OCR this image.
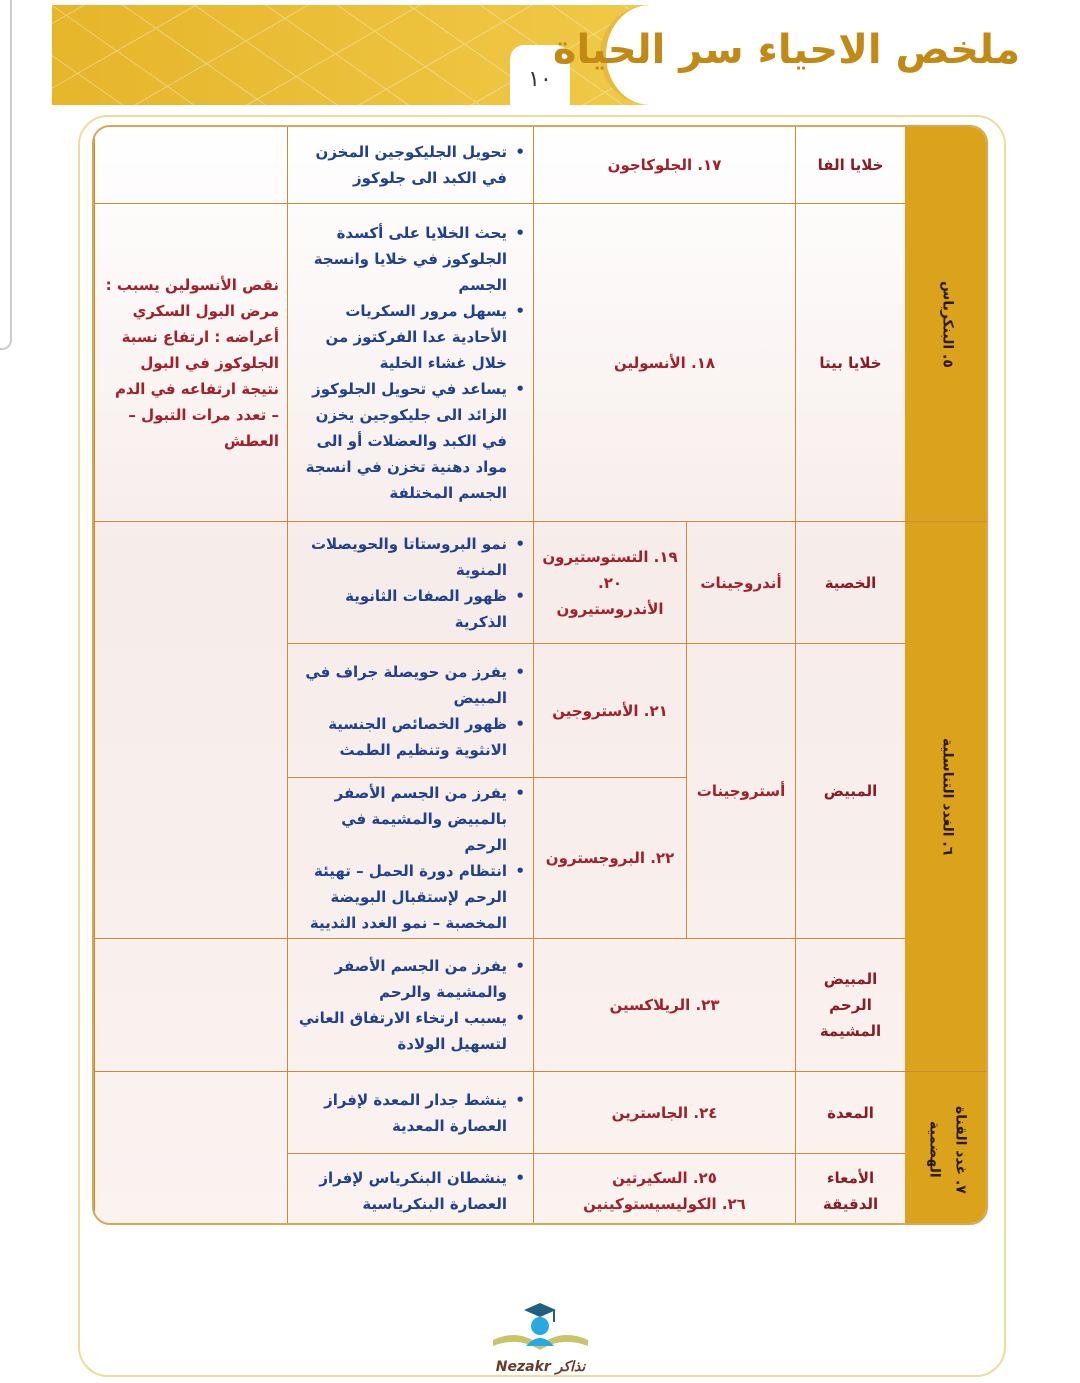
١٠
ملخص الاحياء سر الحياة
٥. البنكرياس
٦. الغدد التناسلية
٧. غدد القناة الهضمية
خلايا الفا
١٧. الجلوكاجون
• تحويل الجليكوجين المخزن في الكبد الى جلوكوز
خلايا بيتا
١٨. الأنسولين
• يحث الخلايا على أكسدة الجلوكوز في خلايا وانسجة الجسم
• يسهل مرور السكريات الأحادية عدا الفركتوز من خلال غشاء الخلية
• يساعد في تحويل الجلوكوز الزائد الى جليكوجين يخزن في الكبد والعضلات أو الى مواد دهنية تخزن في انسجة الجسم المختلفة
نقص الأنسولين يسبب : مرض البول السكري أعراضه : ارتفاع نسبة الجلوكوز في البول نتيجة ارتفاعه في الدم – تعدد مرات التبول – العطش
الخصية
أندروجينات
١٩. التستوستيرون
٢٠. الأندروستيرون
• نمو البروستاتا والحويصلات المنوية
• ظهور الصفات الثانوية الذكرية
المبيض
أستروجينات
٢١. الأستروجين
• يفرز من حويصلة جراف في المبيض
• ظهور الخصائص الجنسية الانثوية وتنظيم الطمث
٢٢. البروجسترون
• يفرز من الجسم الأصفر بالمبيض والمشيمة في الرحم
• انتظام دورة الحمل – تهيئة الرحم لإستقبال البويضة المخصبة – نمو الغدد الثديية
المبيض الرحم المشيمة
٢٣. الريلاكسين
• يفرز من الجسم الأصفر والمشيمة والرحم
• يسبب ارتخاء الارتفاق العاني لتسهيل الولادة
المعدة
٢٤. الجاسترين
• ينشط جدار المعدة لإفراز العصارة المعدية
الأمعاء الدقيقة
٢٥. السكيرتين
٢٦. الكوليسيستوكينين
• ينشطان البنكرياس لإفراز العصارة البنكرياسية
Nezakr نذاكر
